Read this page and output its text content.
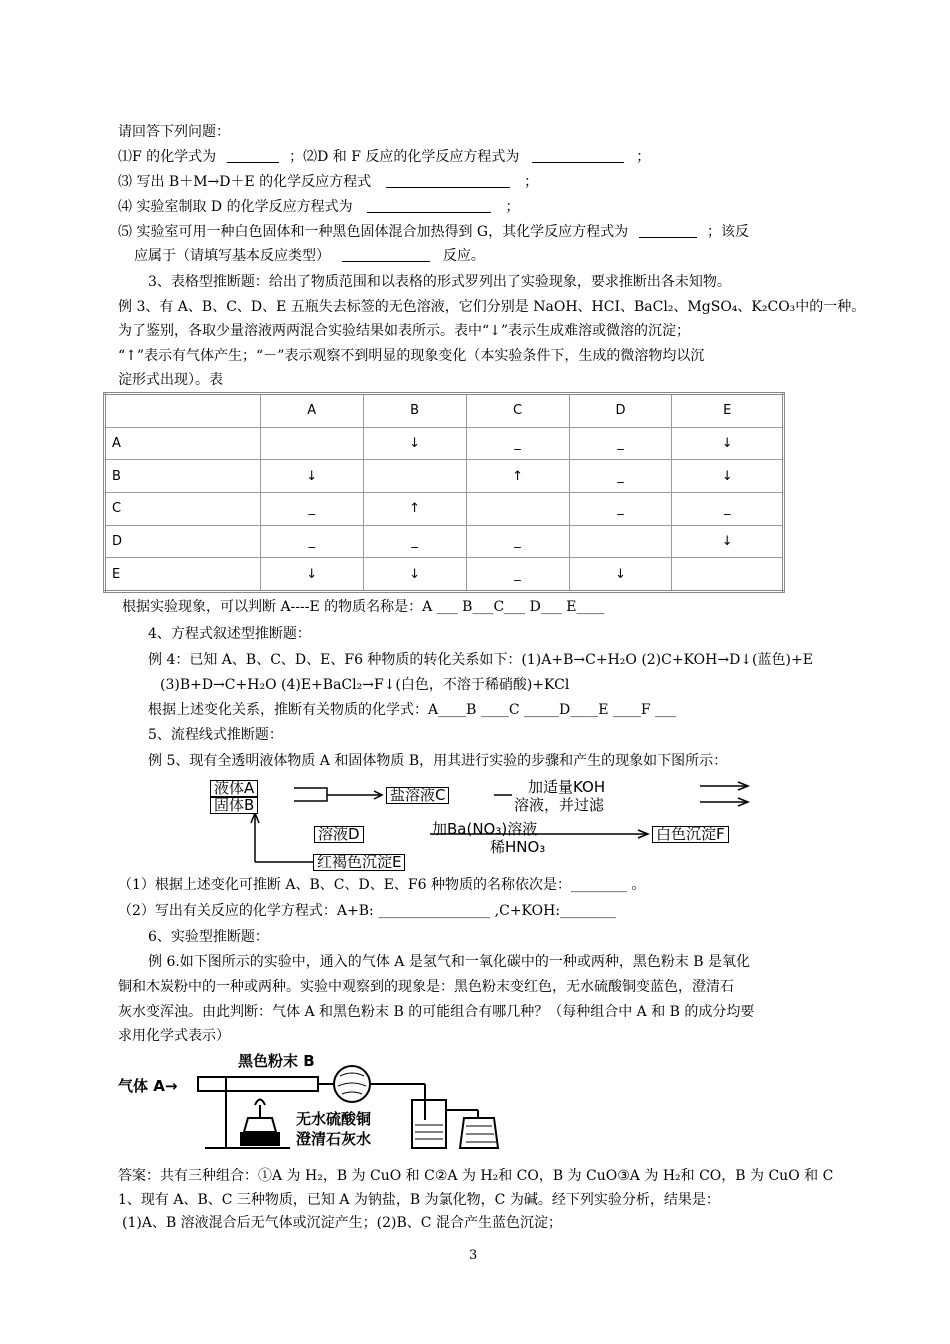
请回答下列问题：
⑴F 的化学式为	；⑵D 和 F 反应的化学反应方程式为	；
⑶ 写出 B＋M→D＋E 的化学反应方程式	；
⑷ 实验室制取 D 的化学反应方程式为	；
⑸ 实验室可用一种白色固体和一种黑色固体混合加热得到 G，其化学反应方程式为	；该反
应属于（请填写基本反应类型）	反应。
3、表格型推断题：给出了物质范围和以表格的形式罗列出了实验现象，要求推断出各未知物。
例 3、有 A、B、C、D、E 五瓶失去标签的无色溶液，它们分别是 NaOH、HCI、BaCl₂、MgSO₄、K₂CO₃中的一种。
为了鉴别，各取少量溶液两两混合实验结果如表所示。表中“↓”表示生成难溶或微溶的沉淀；
“↑”表示有气体产生；“－”表示观察不到明显的现象变化（本实验条件下，生成的微溶物均以沉
淀形式出现）。表
	A	B	C	D	E
A		↓	_	_	↓
B	↓		↑	_	↓
C	_	↑		_	_
D	_	_	_		↓
E	↓	↓	_	↓	
根据实验现象，可以判断 A----E 的物质名称是：A ___ B___C___ D___ E____
4、方程式叙述型推断题：
例 4：已知 A、B、C、D、E、F6 种物质的转化关系如下：(1)A+B→C+H₂O (2)C+KOH→D↓(蓝色)+E
(3)B+D→C+H₂O (4)E+BaCl₂→F↓(白色，不溶于稀硝酸)+KCl
根据上述变化关系，推断有关物质的化学式：A____B ____C _____D____E ____F ___
5、流程线式推断题：
例 5、现有全透明液体物质 A 和固体物质 B，用其进行实验的步骤和产生的现象如下图所示：
液体A
固体B
盐溶液C	加适量KOH
溶液，并过滤
溶液D	加Ba(NO₃)溶液
稀HNO₃
白色沉淀F
红褐色沉淀E
（1）根据上述变化可推断 A、B、C、D、E、F6 种物质的名称依次是：________ 。
（2）写出有关反应的化学方程式：A+B: ________________ ,C+KOH:________
6、实验型推断题：
例 6.如下图所示的实验中，通入的气体 A 是氢气和一氧化碳中的一种或两种，黑色粉末 B 是氧化
铜和木炭粉中的一种或两种。实验中观察到的现象是：黑色粉末变红色，无水硫酸铜变蓝色，澄清石
灰水变浑浊。由此判断：气体 A 和黑色粉末 B 的可能组合有哪几种？（每种组合中 A 和 B 的成分均要
求用化学式表示）
黑色粉末 B
气体 A→
无水硫酸铜
澄清石灰水
答案：共有三种组合：①A 为 H₂，B 为 CuO 和 C②A 为 H₂和 CO，B 为 CuO③A 为 H₂和 CO，B 为 CuO 和 C
1、现有 A、B、C 三种物质，已知 A 为钠盐，B 为氯化物，C 为碱。经下列实验分析，结果是：
(1)A、B 溶液混合后无气体或沉淀产生；(2)B、C 混合产生蓝色沉淀；
3
